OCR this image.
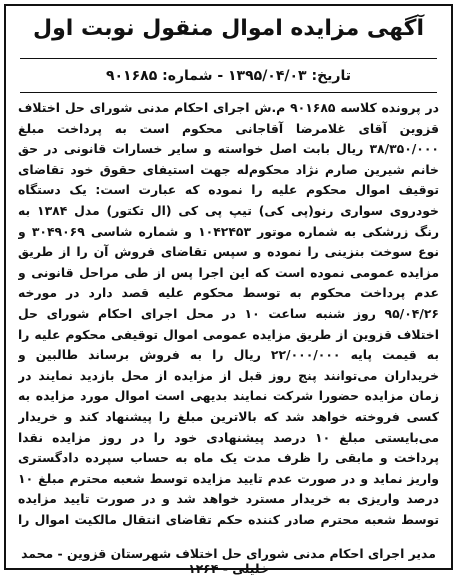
آگهی مزایده اموال منقول نوبت اول
تاریخ: ۱۳۹۵/۰۴/۰۳ - شماره: ۹۰۱۶۸۵
در پرونده کلاسه ۹۰۱۶۸۵ م.ش اجرای احکام مدنی شورای حل اختلاف قزوین آقای غلامرضا آقاجانی محکوم است به پرداخت مبلغ ۳۸/۳۵۰/۰۰۰ ریال بابت اصل خواسته و سایر خسارات قانونی در حق خانم شیرین صارم نژاد محکوم‌له جهت استیفای حقوق خود تقاضای توقیف اموال محکوم علیه را نموده که عبارت است: یک دستگاه خودروی سواری رنو(پی کی) تیپ پی کی (ال تکتور) مدل ۱۳۸۴ به رنگ زرشکی به شماره موتور ۱۰۴۲۴۵۳ و شماره شاسی ۳۰۴۹۰۶۹ و نوع سوخت بنزینی را نموده و سپس تقاضای فروش آن را از طریق مزایده عمومی نموده است که این اجرا پس از طی مراحل قانونی و عدم پرداخت محکوم به توسط محکوم علیه قصد دارد در مورخه ۹۵/۰۴/۲۶ روز شنبه ساعت ۱۰ در محل اجرای احکام شورای حل اختلاف قزوین از طریق مزایده عمومی اموال توقیفی محکوم علیه را به قیمت پایه ۲۲/۰۰۰/۰۰۰ ریال را به فروش برساند طالبین و خریداران می‌توانند پنج روز قبل از مزایده از محل بازدید نمایند در زمان مزایده حضورا شرکت نمایند بدیهی است اموال مورد مزایده به کسی فروخته خواهد شد که بالاترین مبلغ را پیشنهاد کند و خریدار می‌بایستی مبلغ ۱۰ درصد پیشنهادی خود را در روز مزایده نقدا پرداخت و مابقی را ظرف مدت یک ماه به حساب سپرده دادگستری واریز نماید و در صورت عدم تایید مزایده توسط شعبه محترم مبلغ ۱۰ درصد واریزی به خریدار مسترد خواهد شد و در صورت تایید مزایده توسط شعبه محترم صادر کننده حکم تقاضای انتقال مالکیت اموال را
مدیر اجرای احکام مدنی شورای حل اختلاف شهرستان قزوین - محمد خلیلی - ۱۲۶۴
